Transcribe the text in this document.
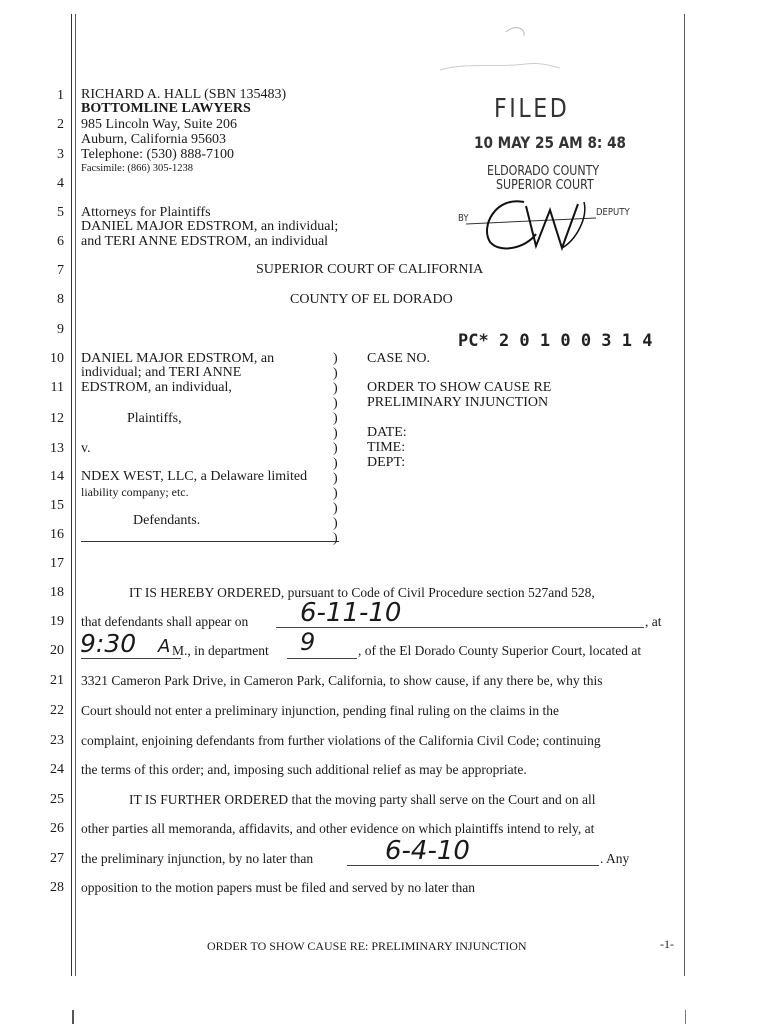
1
2
3
4
5
6
7
8
9
10
11
12
13
14
15
16
17
18
19
20
21
22
23
24
25
26
27
28
RICHARD A. HALL (SBN 135483)
BOTTOMLINE LAWYERS
985 Lincoln Way, Suite 206
Auburn, California 95603
Telephone: (530) 888-7100
Facsimile: (866) 305-1238
Attorneys for Plaintiffs
DANIEL MAJOR EDSTROM, an individual;
and TERI ANNE EDSTROM, an individual
FILED
10 MAY 25 AM 8: 48
ELDORADO COUNTY
SUPERIOR COURT
BY
DEPUTY
SUPERIOR COURT OF CALIFORNIA
COUNTY OF EL DORADO
PC* 2 0 1 0 0 3 1 4
DANIEL MAJOR EDSTROM, an
individual; and TERI ANNE
EDSTROM, an individual,
Plaintiffs,
v.
NDEX WEST, LLC, a Delaware limited
liability company; etc.
Defendants.
)
)
)
)
)
)
)
)
)
)
)
)
)
CASE NO.
ORDER TO SHOW CAUSE RE
PRELIMINARY INJUNCTION
DATE:
TIME:
DEPT:
IT IS HEREBY ORDERED, pursuant to Code of Civil Procedure section 527and 528,
that defendants shall appear on 6-11-10	, at
9:30 A M., in department 9	, of the El Dorado County Superior Court, located at
3321 Cameron Park Drive, in Cameron Park, California, to show cause, if any there be, why this
Court should not enter a preliminary injunction, pending final ruling on the claims in the
complaint, enjoining defendants from further violations of the California Civil Code; continuing
the terms of this order; and, imposing such additional relief as may be appropriate.
IT IS FURTHER ORDERED that the moving party shall serve on the Court and on all
other parties all memoranda, affidavits, and other evidence on which plaintiffs intend to rely, at
the preliminary injunction, by no later than	6-4-10	. Any
opposition to the motion papers must be filed and served by no later than
ORDER TO SHOW CAUSE RE: PRELIMINARY INJUNCTION	-1-
